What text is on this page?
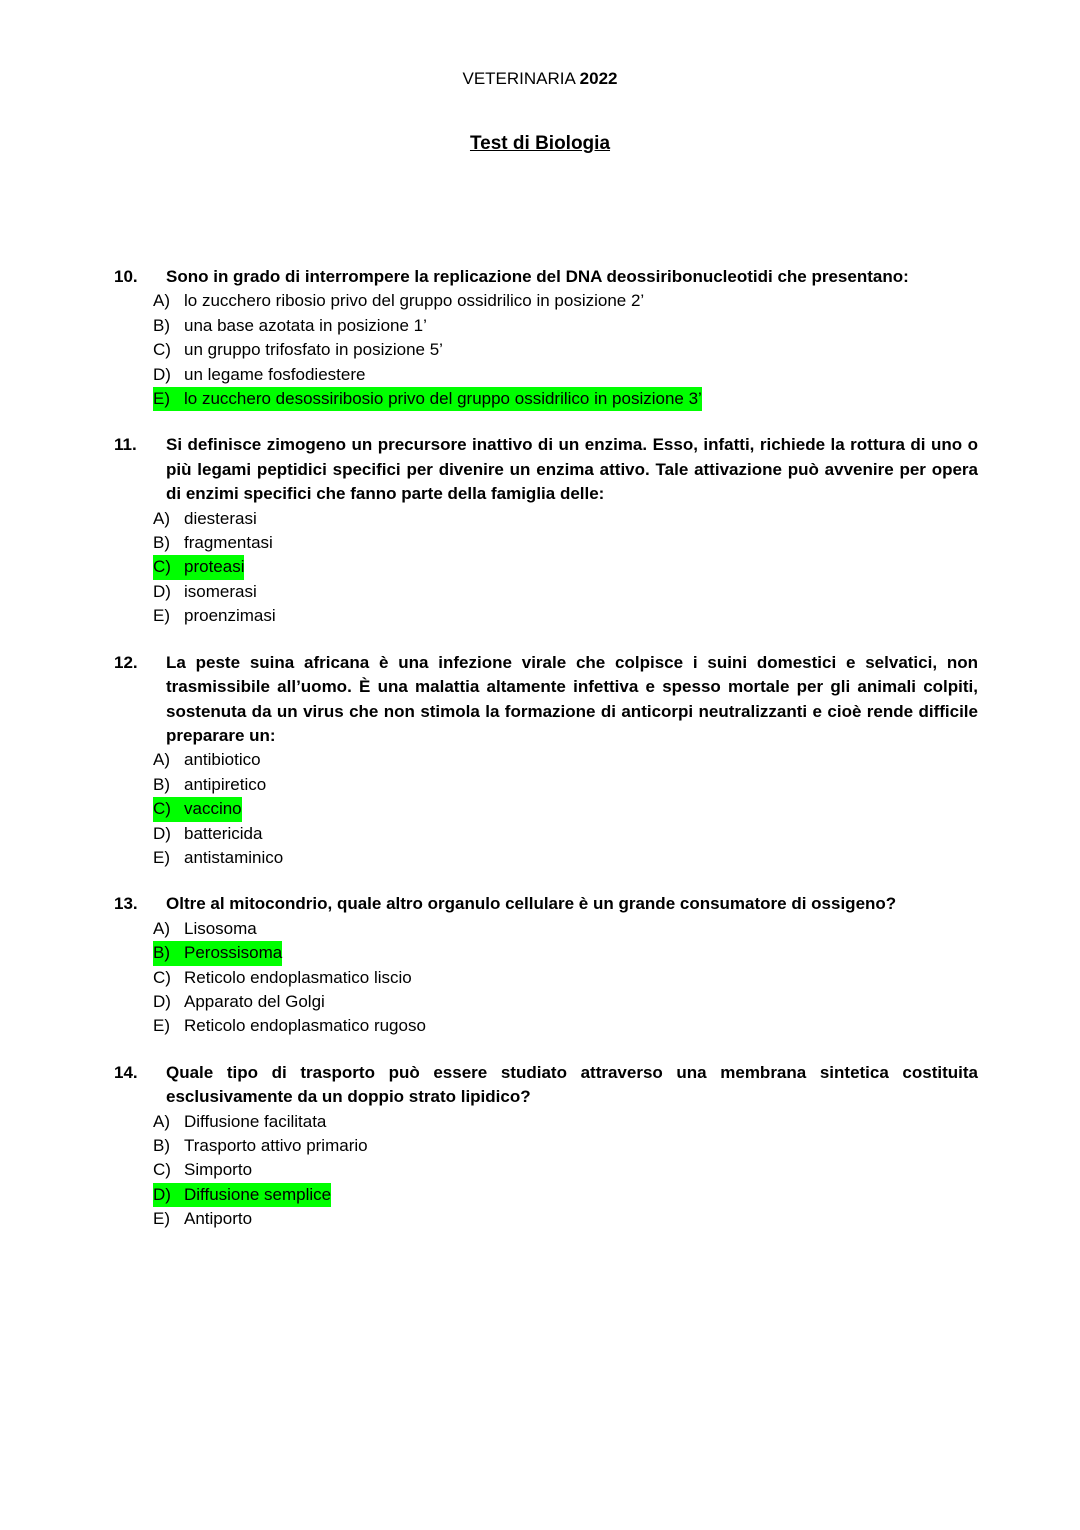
VETERINARIA 2022
Test di Biologia
10.	Sono in grado di interrompere la replicazione del DNA deossiribonucleotidi che presentano:
A) lo zucchero ribosio privo del gruppo ossidrilico in posizione 2’
B) una base azotata in posizione 1’
C) un gruppo trifosfato in posizione 5’
D) un legame fosfodiestere
E) lo zucchero desossiribosio privo del gruppo ossidrilico in posizione 3’
11.	Si definisce zimogeno un precursore inattivo di un enzima. Esso, infatti, richiede la rottura di uno o più legami peptidici specifici per divenire un enzima attivo. Tale attivazione può avvenire per opera di enzimi specifici che fanno parte della famiglia delle:
A) diesterasi
B) fragmentasi
C) proteasi
D) isomerasi
E) proenzimasi
12.	La peste suina africana è una infezione virale che colpisce i suini domestici e selvatici, non trasmissibile all’uomo. È una malattia altamente infettiva e spesso mortale per gli animali colpiti, sostenuta da un virus che non stimola la formazione di anticorpi neutralizzanti e cioè rende difficile preparare un:
A) antibiotico
B) antipiretico
C) vaccino
D) battericida
E) antistaminico
13.	Oltre al mitocondrio, quale altro organulo cellulare è un grande consumatore di ossigeno?
A) Lisosoma
B) Perossisoma
C) Reticolo endoplasmatico liscio
D) Apparato del Golgi
E) Reticolo endoplasmatico rugoso
14.	Quale tipo di trasporto può essere studiato attraverso una membrana sintetica costituita esclusivamente da un doppio strato lipidico?
A) Diffusione facilitata
B) Trasporto attivo primario
C) Simporto
D) Diffusione semplice
E) Antiporto
